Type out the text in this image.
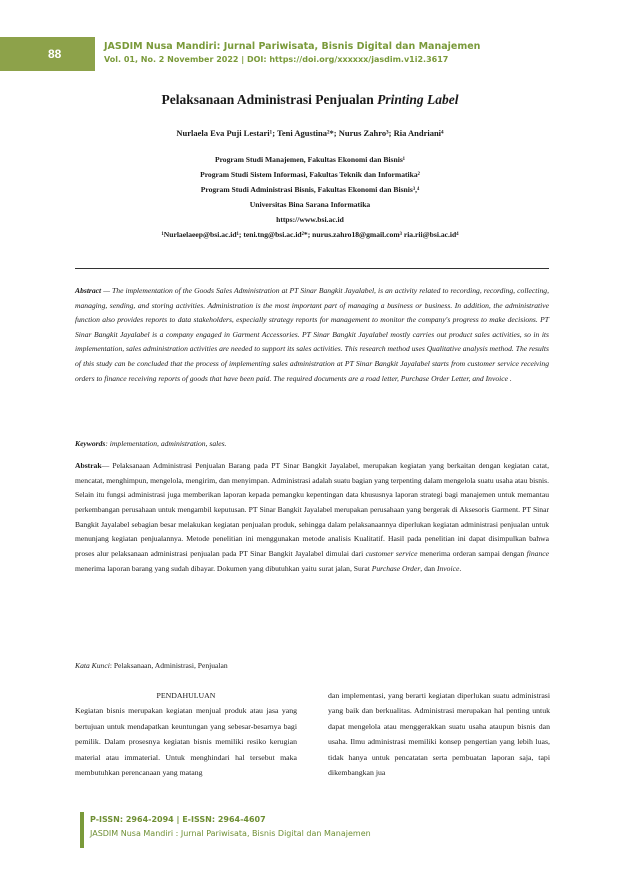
88
JASDIM Nusa Mandiri: Jurnal Pariwisata, Bisnis Digital dan Manajemen
Vol. 01, No. 2 November 2022 | DOI: https://doi.org/xxxxxx/jasdim.v1i2.3617
Pelaksanaan Administrasi Penjualan Printing Label
Nurlaela Eva Puji Lestari¹; Teni Agustina²*; Nurus Zahro³; Ria Andriani⁴
Program Studi Manajemen, Fakultas Ekonomi dan Bisnis¹
Program Studi Sistem Informasi, Fakultas Teknik dan Informatika²
Program Studi Administrasi Bisnis, Fakultas Ekonomi dan Bisnis³,⁴
Universitas Bina Sarana Informatika
https://www.bsi.ac.id
¹Nurlaelaeep@bsi.ac.id¹; teni.tng@bsi.ac.id²*; nurus.zahro18@gmail.com³ ria.rii@bsi.ac.id⁴
Abstract — The implementation of the Goods Sales Administration at PT Sinar Bangkit Jayalabel, is an activity related to recording, recording, collecting, managing, sending, and storing activities. Administration is the most important part of managing a business or business. In addition, the administrative function also provides reports to data stakeholders, especially strategy reports for management to monitor the company's progress to make decisions. PT Sinar Bangkit Jayalabel is a company engaged in Garment Accessories. PT Sinar Bangkit Jayalabel mostly carries out product sales activities, so in its implementation, sales administration activities are needed to support its sales activities. This research method uses Qualitative analysis method. The results of this study can be concluded that the process of implementing sales administration at PT Sinar Bangkit Jayalabel starts from customer service receiving orders to finance receiving reports of goods that have been paid. The required documents are a road letter, Purchase Order Letter, and Invoice .
Keywords: implementation, administration, sales.
Abstrak— Pelaksanaan Administrasi Penjualan Barang pada PT Sinar Bangkit Jayalabel, merupakan kegiatan yang berkaitan dengan kegiatan catat, mencatat, menghimpun, mengelola, mengirim, dan menyimpan. Administrasi adalah suatu bagian yang terpenting dalam mengelola suatu usaha atau bisnis. Selain itu fungsi administrasi juga memberikan laporan kepada pemangku kepentingan data khususnya laporan strategi bagi manajemen untuk memantau perkembangan perusahaan untuk mengambil keputusan. PT Sinar Bangkit Jayalabel merupakan perusahaan yang bergerak di Aksesoris Garment. PT Sinar Bangkit Jayalabel sebagian besar melakukan kegiatan penjualan produk, sehingga dalam pelaksanaannya diperlukan kegiatan administrasi penjualan untuk menunjang kegiatan penjualannya. Metode penelitian ini menggunakan metode analisis Kualitatif. Hasil pada penelitian ini dapat disimpulkan bahwa proses alur pelaksanaan administrasi penjualan pada PT Sinar Bangkit Jayalabel dimulai dari customer service menerima orderan sampai dengan finance menerima laporan barang yang sudah dibayar. Dokumen yang dibutuhkan yaitu surat jalan, Surat Purchase Order, dan Invoice.
Kata Kunci: Pelaksanaan, Administrasi, Penjualan
PENDAHULUAN
Kegiatan bisnis merupakan kegiatan menjual produk atau jasa yang bertujuan untuk mendapatkan keuntungan yang sebesar-besarnya bagi pemilik. Dalam prosesnya kegiatan bisnis memiliki resiko kerugian material atau immaterial. Untuk menghindari hal tersebut maka membutuhkan perencanaan yang matang
dan implementasi, yang berarti kegiatan diperlukan suatu administrasi yang baik dan berkualitas. Administrasi merupakan hal penting untuk dapat mengelola atau menggerakkan suatu usaha ataupun bisnis dan usaha. Ilmu administrasi memiliki konsep pengertian yang lebih luas, tidak hanya untuk pencatatan serta pembuatan laporan saja, tapi dikembangkan jua
P-ISSN: 2964-2094 | E-ISSN: 2964-4607
JASDIM Nusa Mandiri : Jurnal Pariwisata, Bisnis Digital dan Manajemen
